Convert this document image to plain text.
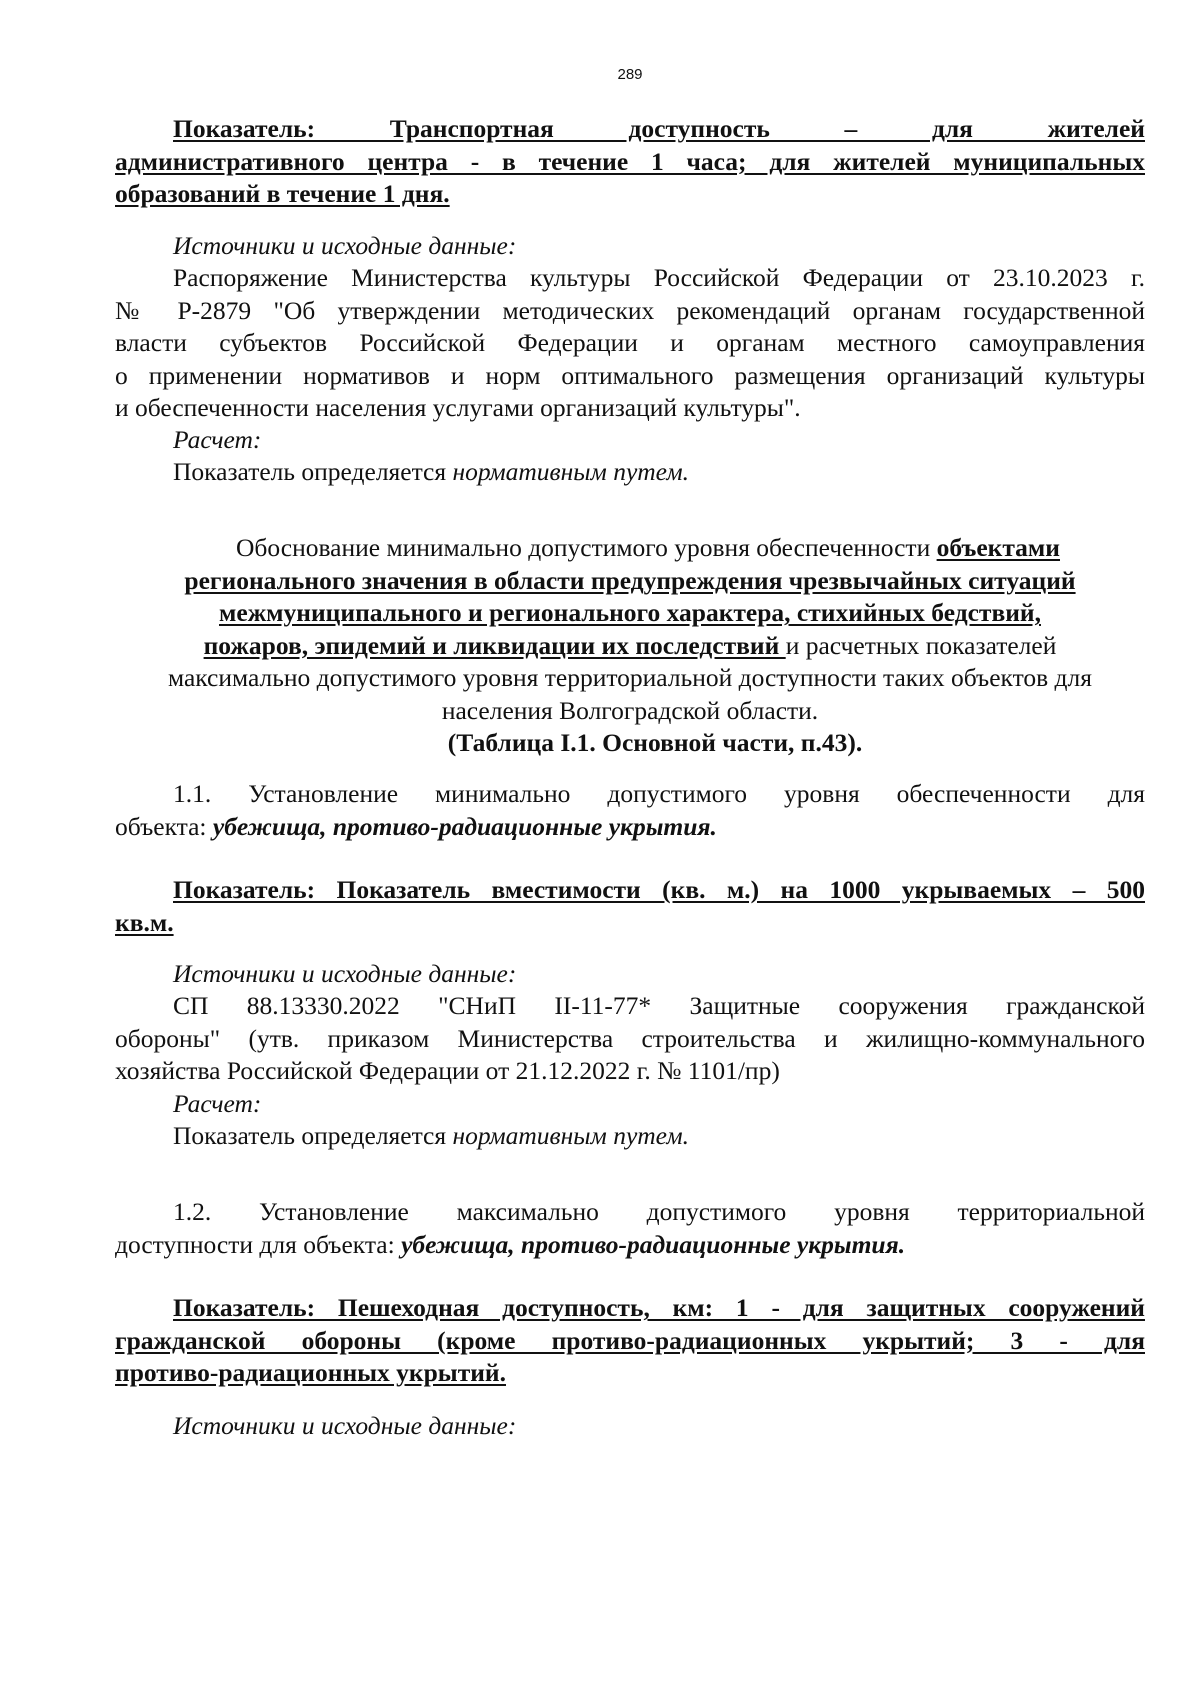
289
Показатель: Транспортная доступность – для жителей
административного центра - в течение 1 часа; для жителей муниципальных
образований в течение 1 дня.
Источники и исходные данные:
Распоряжение Министерства культуры Российской Федерации от 23.10.2023 г.
№ Р-2879 "Об утверждении методических рекомендаций органам государственной
власти субъектов Российской Федерации и органам местного самоуправления
о применении нормативов и норм оптимального размещения организаций культуры
и обеспеченности населения услугами организаций культуры".
Расчет:
Показатель определяется нормативным путем.
Обоснование минимально допустимого уровня обеспеченности объектами
регионального значения в области предупреждения чрезвычайных ситуаций
межмуниципального и регионального характера, стихийных бедствий,
пожаров, эпидемий и ликвидации их последствий и расчетных показателей
максимально допустимого уровня территориальной доступности таких объектов для
населения Волгоградской области.
(Таблица I.1. Основной части, п.43).
1.1. Установление минимально допустимого уровня обеспеченности для
объекта: убежища, противо-радиационные укрытия.
Показатель: Показатель вместимости (кв. м.) на 1000 укрываемых – 500
кв.м.
Источники и исходные данные:
СП 88.13330.2022 "СНиП II-11-77* Защитные сооружения гражданской
обороны" (утв. приказом Министерства строительства и жилищно-коммунального
хозяйства Российской Федерации от 21.12.2022 г. № 1101/пр)
Расчет:
Показатель определяется нормативным путем.
1.2. Установление максимально допустимого уровня территориальной
доступности для объекта: убежища, противо-радиационные укрытия.
Показатель: Пешеходная доступность, км: 1 - для защитных сооружений
гражданской обороны (кроме противо-радиационных укрытий; 3 - для
противо-радиационных укрытий.
Источники и исходные данные:
